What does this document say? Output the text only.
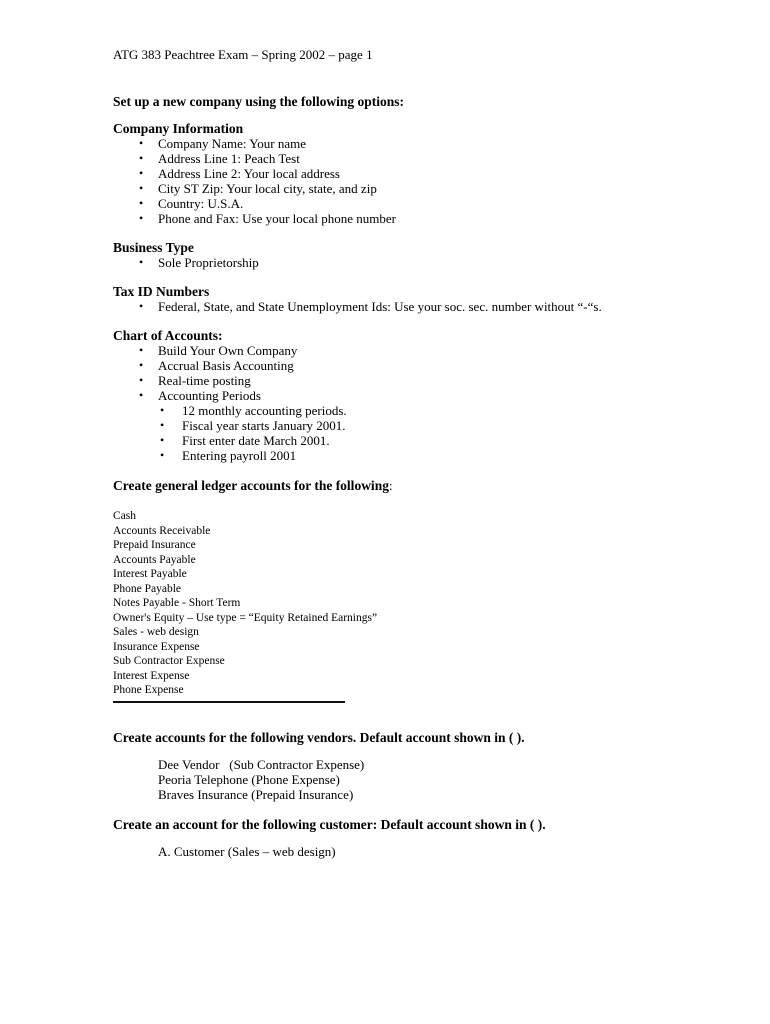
ATG 383 Peachtree Exam – Spring 2002 – page 1
Set up a new company using the following options:
Company Information
•	Company Name: Your name
•	Address Line 1: Peach Test
•	Address Line 2: Your local address
•	City ST Zip: Your local city, state, and zip
•	Country: U.S.A.
•	Phone and Fax: Use your local phone number
Business Type
•	Sole Proprietorship
Tax ID Numbers
•	Federal, State, and State Unemployment Ids: Use your soc. sec. number without “-“s.
Chart of Accounts:
•	Build Your Own Company
•	Accrual Basis Accounting
•	Real-time posting
•	Accounting Periods
•	12 monthly accounting periods.
•	Fiscal year starts January 2001.
•	First enter date March 2001.
•	Entering payroll 2001
Create general ledger accounts for the following:
Cash
Accounts Receivable
Prepaid Insurance
Accounts Payable
Interest Payable
Phone Payable
Notes Payable - Short Term
Owner's Equity – Use type = “Equity Retained Earnings”
Sales - web design
Insurance Expense
Sub Contractor Expense
Interest Expense
Phone Expense
Create accounts for the following vendors. Default account shown in ( ).
Dee Vendor   (Sub Contractor Expense)
Peoria Telephone (Phone Expense)
Braves Insurance (Prepaid Insurance)
Create an account for the following customer: Default account shown in ( ).
A. Customer (Sales – web design)
